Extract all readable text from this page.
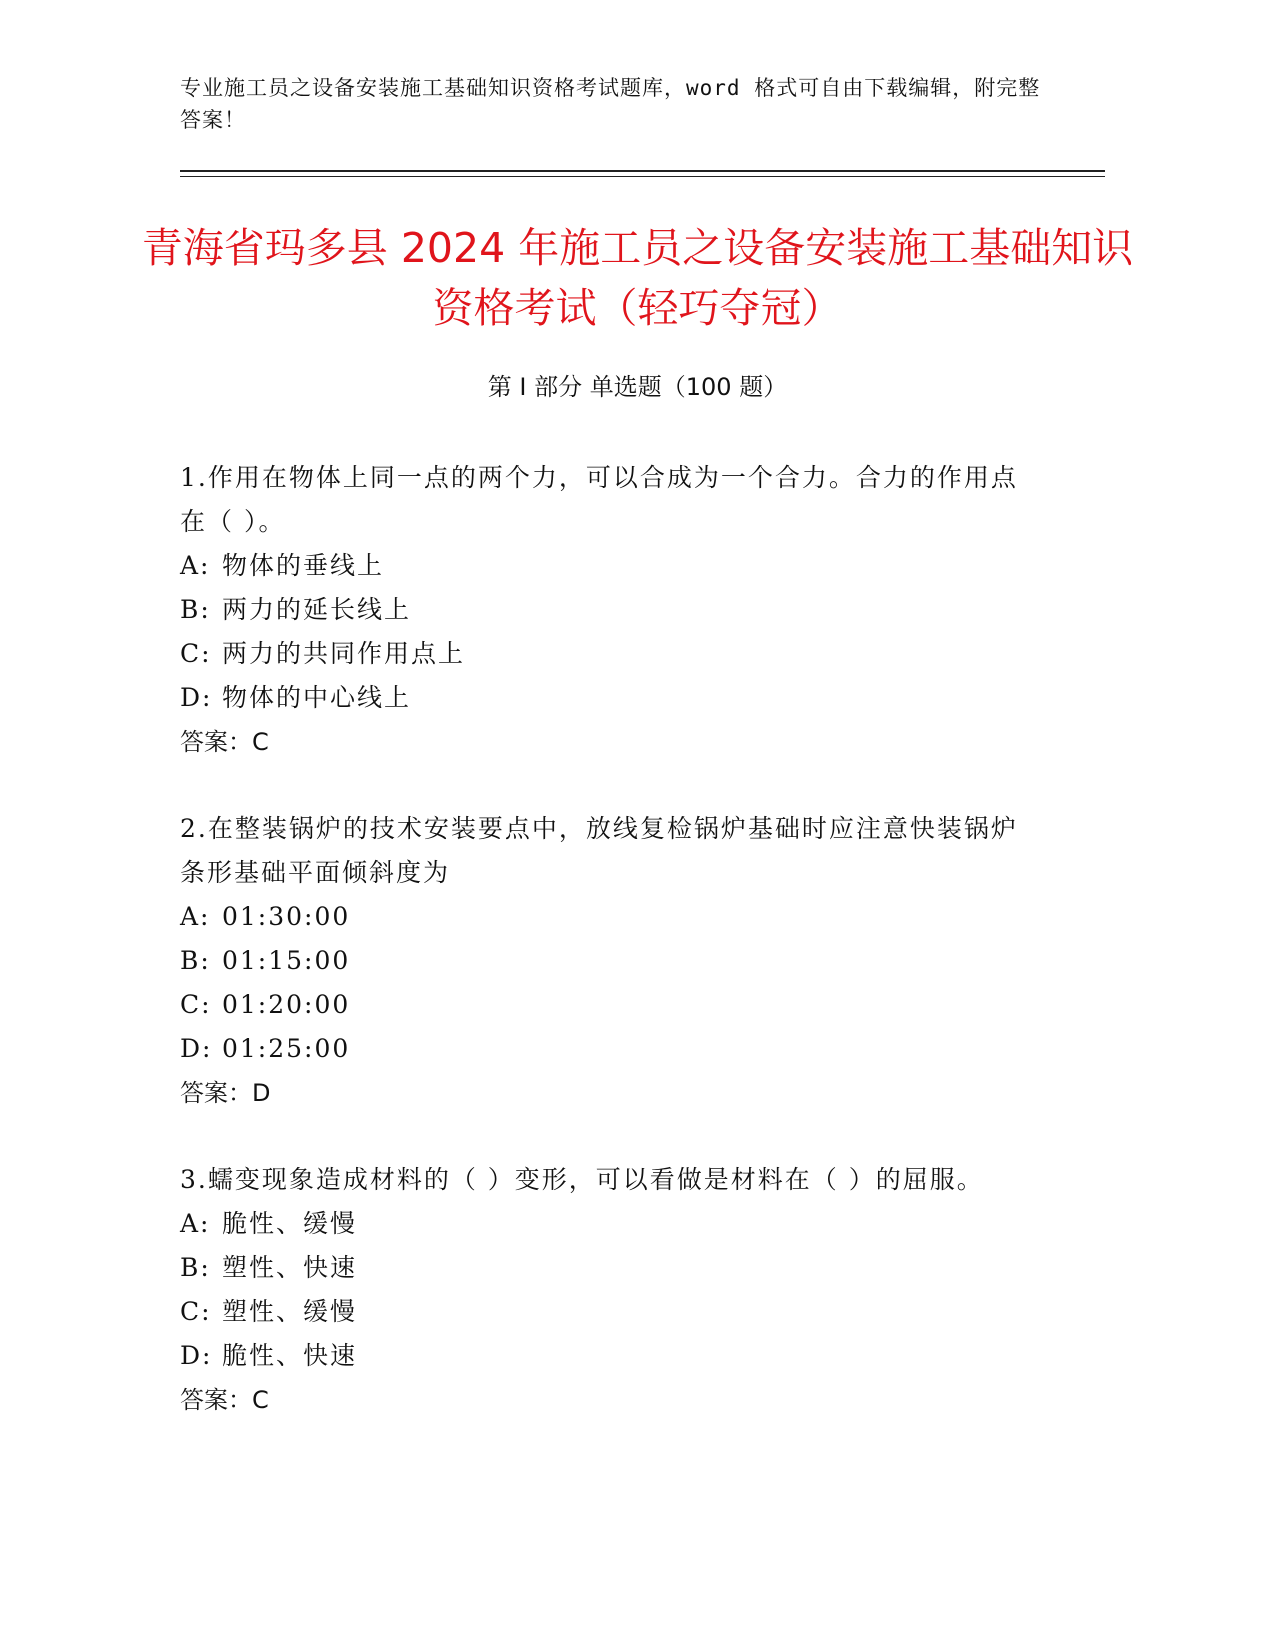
专业施工员之设备安装施工基础知识资格考试题库，word 格式可自由下载编辑，附完整答案！
青海省玛多县 2024 年施工员之设备安装施工基础知识资格考试（轻巧夺冠）
第 I 部分 单选题（100 题）
1.作用在物体上同一点的两个力，可以合成为一个合力。合力的作用点在（ ）。
A: 物体的垂线上
B: 两力的延长线上
C: 两力的共同作用点上
D: 物体的中心线上
答案：C
2.在整装锅炉的技术安装要点中，放线复检锅炉基础时应注意快装锅炉条形基础平面倾斜度为
A: 01:30:00
B: 01:15:00
C: 01:20:00
D: 01:25:00
答案：D
3.蠕变现象造成材料的（ ）变形，可以看做是材料在（ ）的屈服。
A: 脆性、缓慢
B: 塑性、快速
C: 塑性、缓慢
D: 脆性、快速
答案：C
